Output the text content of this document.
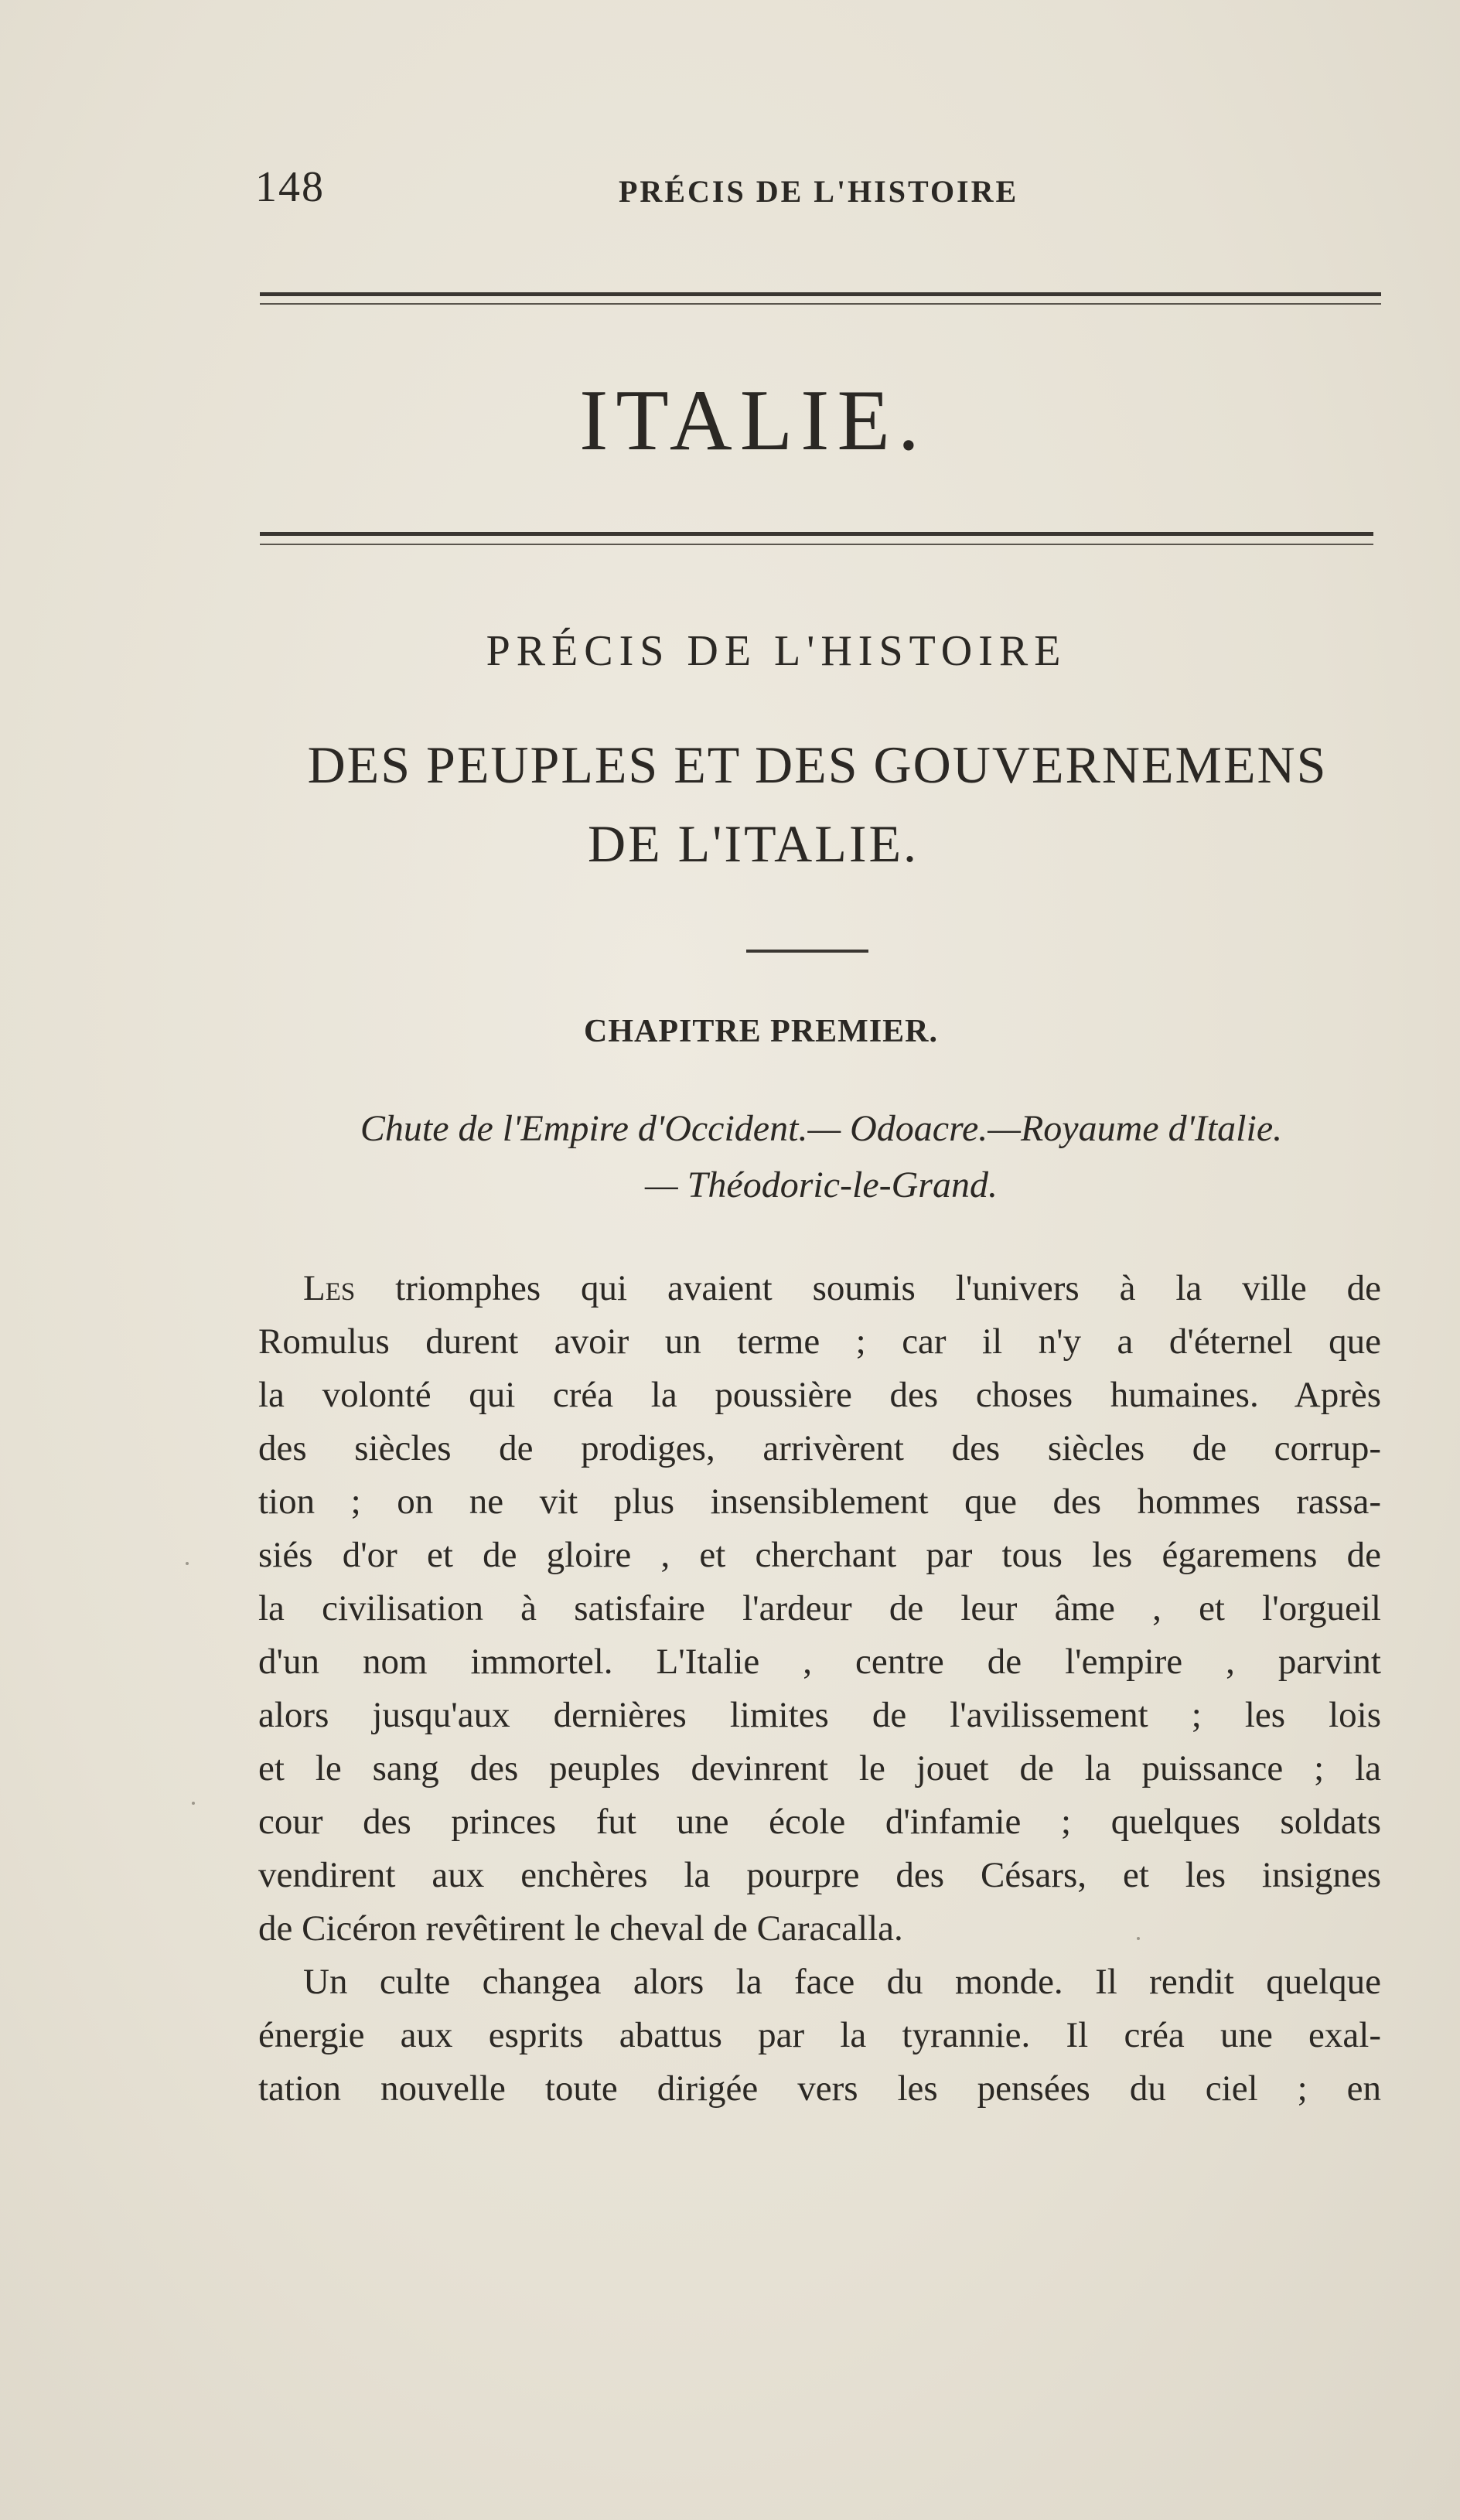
148	PRÉCIS DE L'HISTOIRE
ITALIE.
PRÉCIS DE L'HISTOIRE
DES PEUPLES ET DES GOUVERNEMENS
DE L'ITALIE.
CHAPITRE PREMIER.
Chute de l'Empire d'Occident.— Odoacre.—Royaume d'Italie.
— Théodoric-le-Grand.
Les triomphes qui avaient soumis l'univers à la ville de
Romulus durent avoir un terme ; car il n'y a d'éternel que
la volonté qui créa la poussière des choses humaines. Après
des siècles de prodiges, arrivèrent des siècles de corrup-
tion ; on ne vit plus insensiblement que des hommes rassa-
siés d'or et de gloire , et cherchant par tous les égaremens de
la civilisation à satisfaire l'ardeur de leur âme , et l'orgueil
d'un nom immortel. L'Italie , centre de l'empire , parvint
alors jusqu'aux dernières limites de l'avilissement ; les lois
et le sang des peuples devinrent le jouet de la puissance ; la
cour des princes fut une école d'infamie ; quelques soldats
vendirent aux enchères la pourpre des Césars, et les insignes
de Cicéron revêtirent le cheval de Caracalla.
Un culte changea alors la face du monde. Il rendit quelque
énergie aux esprits abattus par la tyrannie. Il créa une exal-
tation nouvelle toute dirigée vers les pensées du ciel ; en
